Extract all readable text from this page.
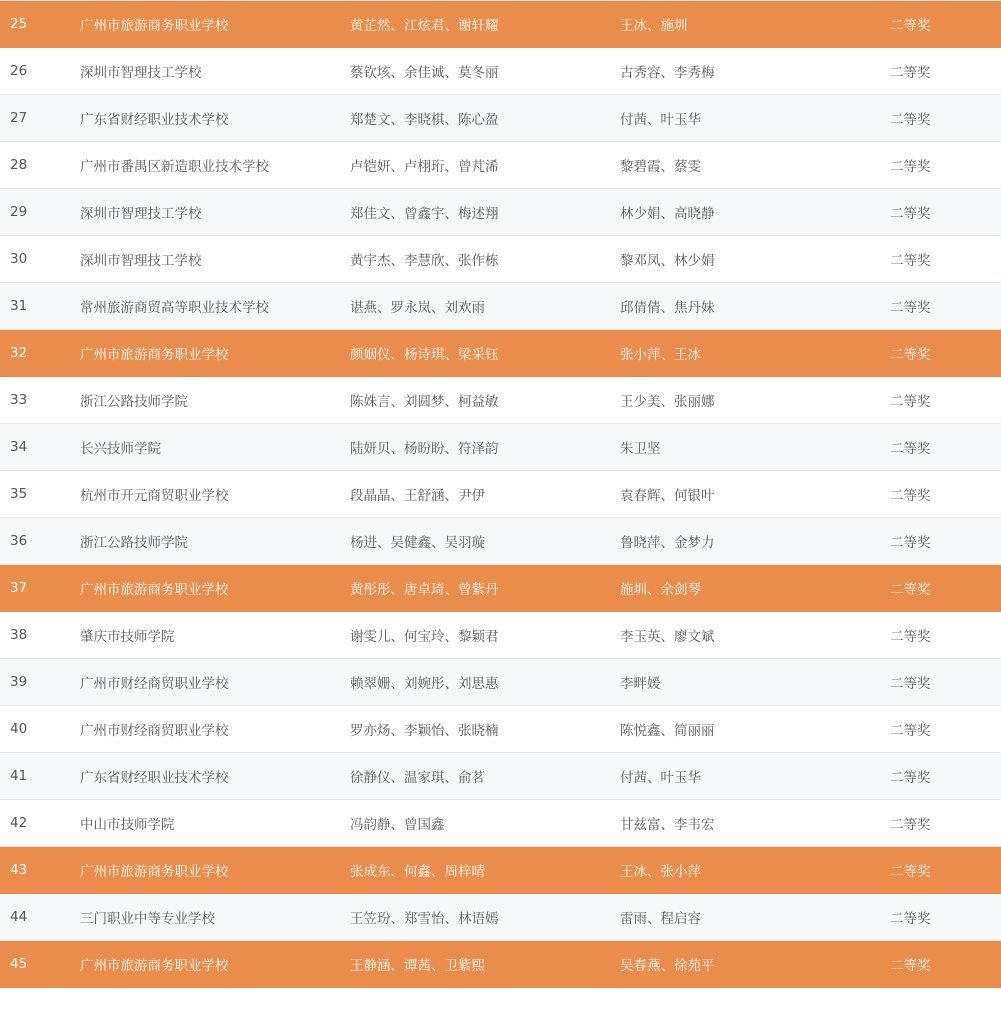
25	广州市旅游商务职业学校	黄芷然、江炫君、谢轩耀	王冰、施圳	二等奖
26	深圳市智理技工学校	蔡钦垓、余佳诚、莫冬丽	古秀容、李秀梅	二等奖
27	广东省财经职业技术学校	郑楚文、李晓棋、陈心盈	付茜、叶玉华	二等奖
28	广州市番禺区新造职业技术学校	卢铠妍、卢栩珩、曾芃浠	黎碧霞、蔡雯	二等奖
29	深圳市智理技工学校	郑佳文、曾鑫宇、梅述翔	林少娟、高晓静	二等奖
30	深圳市智理技工学校	黄宇杰、李慧欣、张作栋	黎邓凤、林少娟	二等奖
31	常州旅游商贸高等职业技术学校	谌燕、罗永岚、刘欢雨	邱倩倩、焦丹妹	二等奖
32	广州市旅游商务职业学校	颜姻仪、杨诗琪、梁采钰	张小萍、王冰	二等奖
33	浙江公路技师学院	陈姝言、刘圆梦、柯益敏	王少美、张丽娜	二等奖
34	长兴技师学院	陆妍贝、杨盼盼、符泽韵	朱卫坚	二等奖
35	杭州市开元商贸职业学校	段晶晶、王舒涵、尹伊	袁春辉、何银叶	二等奖
36	浙江公路技师学院	杨进、吴健鑫、吴羽璇	鲁晓萍、金梦力	二等奖
37	广州市旅游商务职业学校	黄彤彤、唐卓琦、曾紫丹	施圳、余剑琴	二等奖
38	肇庆市技师学院	谢雯儿、何宝玲、黎颖君	李玉英、廖文斌	二等奖
39	广州市财经商贸职业学校	赖翠姗、刘婉彤、刘思惠	李畔媛	二等奖
40	广州市财经商贸职业学校	罗亦炀、李颖怡、张晓楠	陈悦鑫、简丽丽	二等奖
41	广东省财经职业技术学校	徐静仪、温家琪、俞茗	付茜、叶玉华	二等奖
42	中山市技师学院	冯韵静、曾国鑫	甘兹富、李韦宏	二等奖
43	广州市旅游商务职业学校	张成东、何鑫、周梓晴	王冰、张小萍	二等奖
44	三门职业中等专业学校	王笠玢、郑雪怡、林语嫣	雷雨、程启容	二等奖
45	广州市旅游商务职业学校	王静涵、谭茜、卫紫熙	吴春燕、徐苑平	二等奖
